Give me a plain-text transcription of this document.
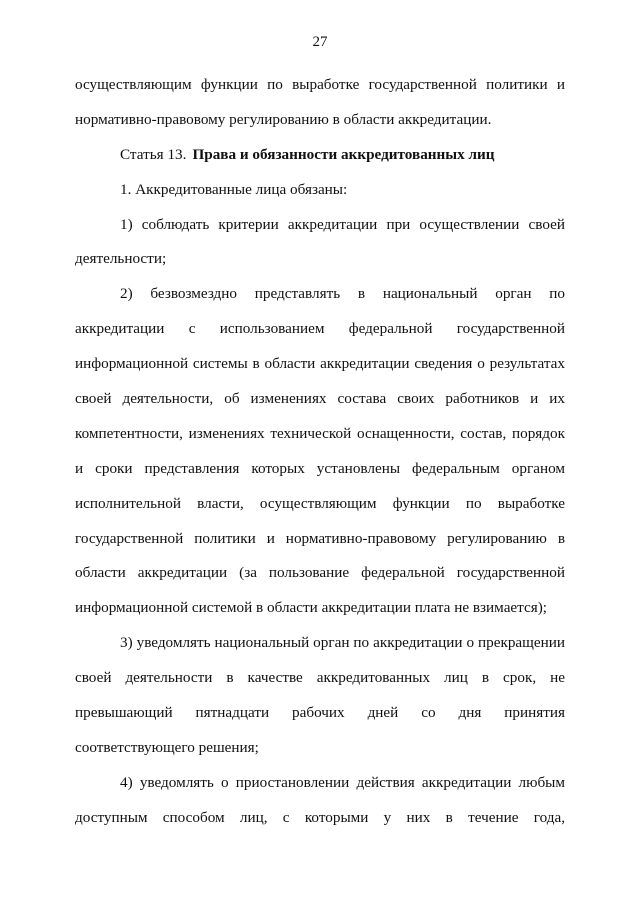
27
осуществляющим функции по выработке государственной политики и
нормативно-правовому регулированию в области аккредитации.
Статья 13. Права и обязанности аккредитованных лиц
1. Аккредитованные лица обязаны:
1) соблюдать критерии аккредитации при осуществлении своей
деятельности;
2) безвозмездно представлять в национальный орган по
аккредитации с использованием федеральной государственной
информационной системы в области аккредитации сведения о результатах
своей деятельности, об изменениях состава своих работников и их
компетентности, изменениях технической оснащенности, состав, порядок
и сроки представления которых установлены федеральным органом
исполнительной власти, осуществляющим функции по выработке
государственной политики и нормативно-правовому регулированию в
области аккредитации (за пользование федеральной государственной
информационной системой в области аккредитации плата не взимается);
3) уведомлять национальный орган по аккредитации о прекращении
своей деятельности в качестве аккредитованных лиц в срок, не
превышающий пятнадцати рабочих дней со дня принятия
соответствующего решения;
4) уведомлять о приостановлении действия аккредитации любым
доступным способом лиц, с которыми у них в течение года,
